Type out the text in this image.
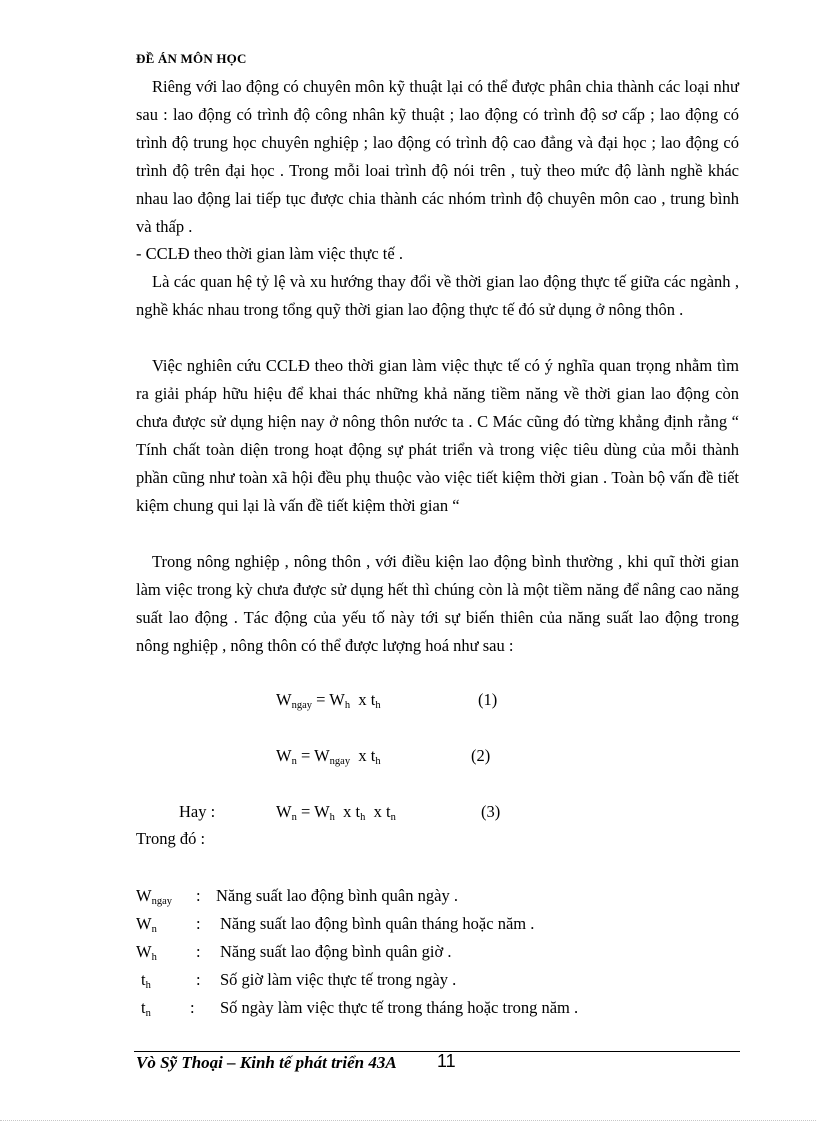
ĐỀ ÁN MÔN HỌC

Riêng với lao động có chuyên môn kỹ thuật lại có thể được phân chia thành các loại như sau : lao động có trình độ công nhân kỹ thuật ; lao động có trình độ sơ cấp ; lao động có trình độ trung học chuyên nghiệp ; lao động có trình độ cao đẳng và đại học ; lao động có trình độ trên đại học . Trong mỗi loai trình độ nói trên , tuỳ theo mức độ lành nghề khác nhau lao động lai tiếp tục được chia thành các nhóm trình độ chuyên môn cao , trung bình và thấp .

- CCLĐ theo thời gian làm việc thực tế .

Là các quan hệ tỷ lệ và xu hướng thay đổi về thời gian lao động thực tế giữa các ngành , nghề khác nhau trong tổng quỹ thời gian lao động thực tế đó sử dụng ở nông thôn .

Việc nghiên cứu CCLĐ theo thời gian làm việc thực tế có ý nghĩa quan trọng nhằm tìm ra giải pháp hữu hiệu để khai thác những khả năng tiềm năng về thời gian lao động còn chưa được sử dụng hiện nay ở nông thôn nước ta . C Mác cũng đó từng khẳng định rằng “ Tính chất toàn diện trong hoạt động sự phát triển và trong việc tiêu dùng của mỗi thành phần cũng như toàn xã hội đều phụ thuộc vào việc tiết kiệm thời gian . Toàn bộ vấn đề tiết kiệm chung qui lại là vấn đề tiết kiệm thời gian “

Trong nông nghiệp , nông thôn , với điều kiện lao động bình thường , khi quĩ thời gian làm việc trong kỳ chưa được sử dụng hết thì chúng còn là một tiềm năng để nâng cao năng suất lao động . Tác động của yếu tố này tới sự biến thiên của năng suất lao động trong nông nghiệp , nông thôn có thể được lượng hoá như sau :

$W_{ngay} = W_h$  x $t_h$	(1)
$W_n = W_{ngay}$  x $t_h$	(2)
Hay :	$W_n = W_h$  x $t_h$  x $t_n$	(3)
Trong đó :
$W_{ngay}$ : Năng suất lao động bình quân ngày .
$W_n$ : Năng suất lao động bình quân tháng hoặc năm .
$W_h$ : Năng suất lao động bình quân giờ .
$t_h$	: Số giờ làm việc thực tế trong ngày .
$t_n$ : Số ngày làm việc thực tế trong tháng hoặc trong năm .
Vò Sỹ Thoại – Kinh tế phát triển 43A 11
